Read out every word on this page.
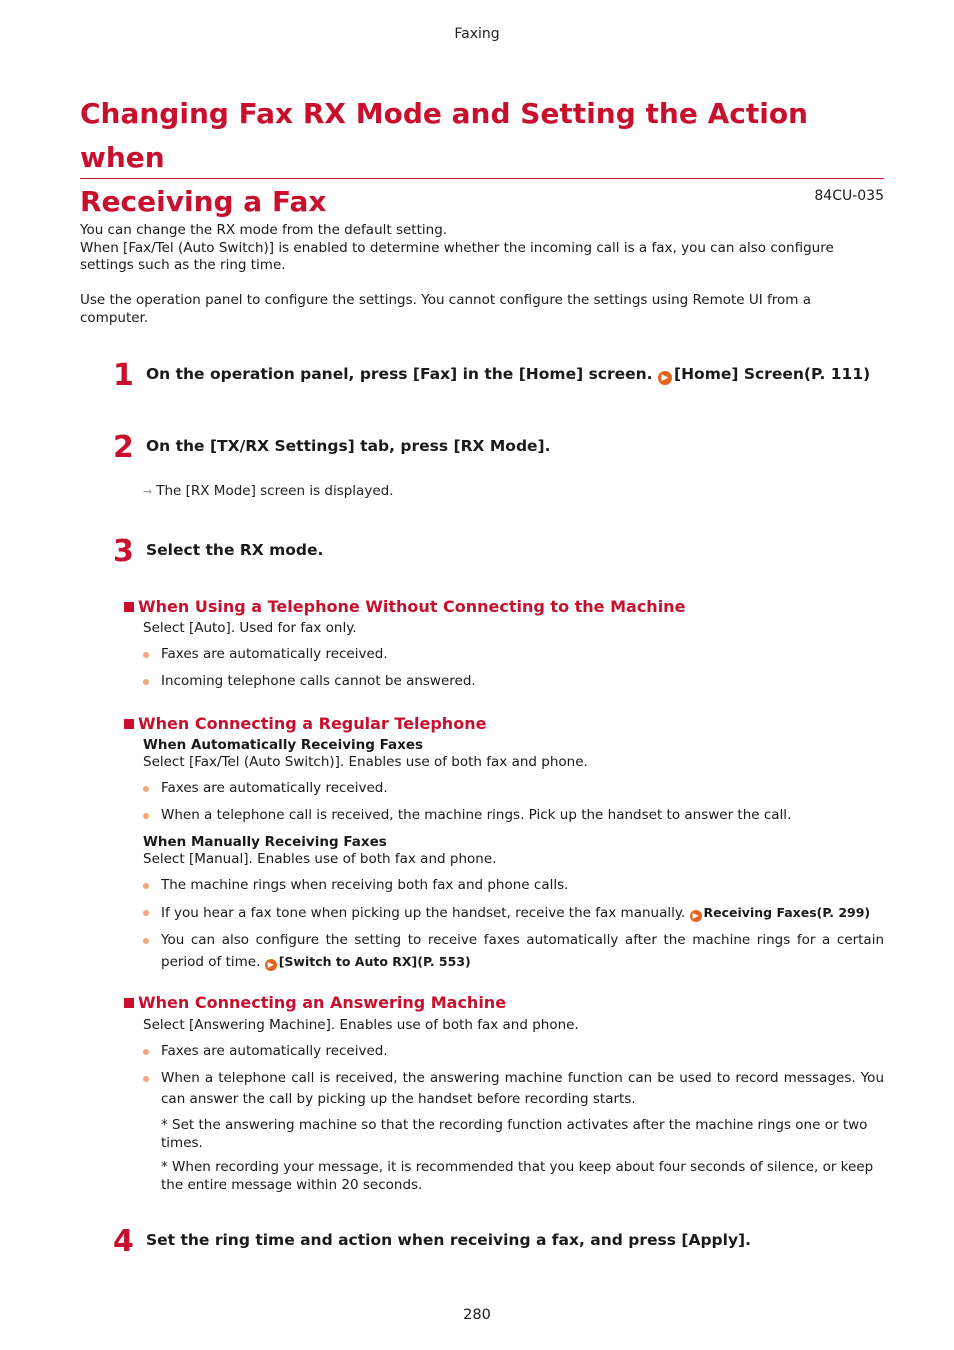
Faxing
Changing Fax RX Mode and Setting the Action when
Receiving a Fax	84CU-035
You can change the RX mode from the default setting.
When [Fax/Tel (Auto Switch)] is enabled to determine whether the incoming call is a fax, you can also configure
settings such as the ring time.
Use the operation panel to configure the settings. You cannot configure the settings using Remote UI from a
computer.
1 On the operation panel, press [Fax] in the [Home] screen. ▶ [Home] Screen(P. 111)
2 On the [TX/RX Settings] tab, press [RX Mode].
➞ The [RX Mode] screen is displayed.
3 Select the RX mode.
When Using a Telephone Without Connecting to the Machine
Select [Auto]. Used for fax only.
Faxes are automatically received.
Incoming telephone calls cannot be answered.
When Connecting a Regular Telephone
When Automatically Receiving Faxes
Select [Fax/Tel (Auto Switch)]. Enables use of both fax and phone.
Faxes are automatically received.
When a telephone call is received, the machine rings. Pick up the handset to answer the call.
When Manually Receiving Faxes
Select [Manual]. Enables use of both fax and phone.
The machine rings when receiving both fax and phone calls.
If you hear a fax tone when picking up the handset, receive the fax manually. ▶ Receiving Faxes(P. 299)
You can also configure the setting to receive faxes automatically after the machine rings for a certain
period of time. ▶ [Switch to Auto RX](P. 553)
When Connecting an Answering Machine
Select [Answering Machine]. Enables use of both fax and phone.
Faxes are automatically received.
When a telephone call is received, the answering machine function can be used to record messages. You
can answer the call by picking up the handset before recording starts.
* Set the answering machine so that the recording function activates after the machine rings one or two
times.
* When recording your message, it is recommended that you keep about four seconds of silence, or keep
the entire message within 20 seconds.
4 Set the ring time and action when receiving a fax, and press [Apply].
280
